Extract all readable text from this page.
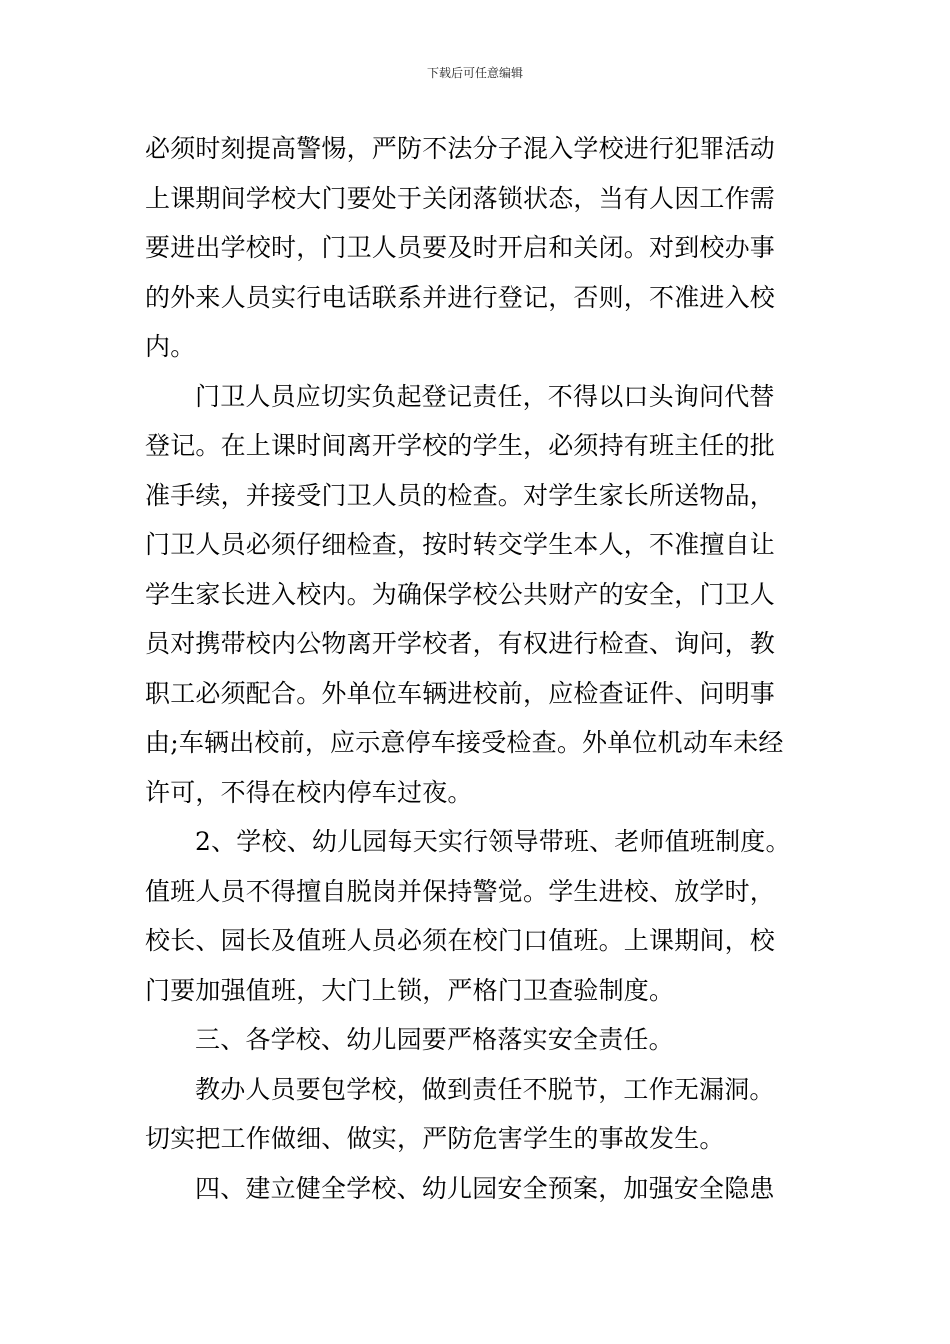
下载后可任意编辑
必须时刻提高警惕，严防不法分子混入学校进行犯罪活动
上课期间学校大门要处于关闭落锁状态，当有人因工作需
要进出学校时，门卫人员要及时开启和关闭。对到校办事
的外来人员实行电话联系并进行登记，否则，不准进入校
内。
门卫人员应切实负起登记责任，不得以口头询问代替
登记。在上课时间离开学校的学生，必须持有班主任的批
准手续，并接受门卫人员的检查。对学生家长所送物品，
门卫人员必须仔细检查，按时转交学生本人，不准擅自让
学生家长进入校内。为确保学校公共财产的安全，门卫人
员对携带校内公物离开学校者，有权进行检查、询问，教
职工必须配合。外单位车辆进校前，应检查证件、问明事
由;车辆出校前，应示意停车接受检查。外单位机动车未经
许可，不得在校内停车过夜。
2、学校、幼儿园每天实行领导带班、老师值班制度。
值班人员不得擅自脱岗并保持警觉。学生进校、放学时，
校长、园长及值班人员必须在校门口值班。上课期间，校
门要加强值班，大门上锁，严格门卫查验制度。
三、各学校、幼儿园要严格落实安全责任。
教办人员要包学校，做到责任不脱节，工作无漏洞。
切实把工作做细、做实，严防危害学生的事故发生。
四、建立健全学校、幼儿园安全预案，加强安全隐患
